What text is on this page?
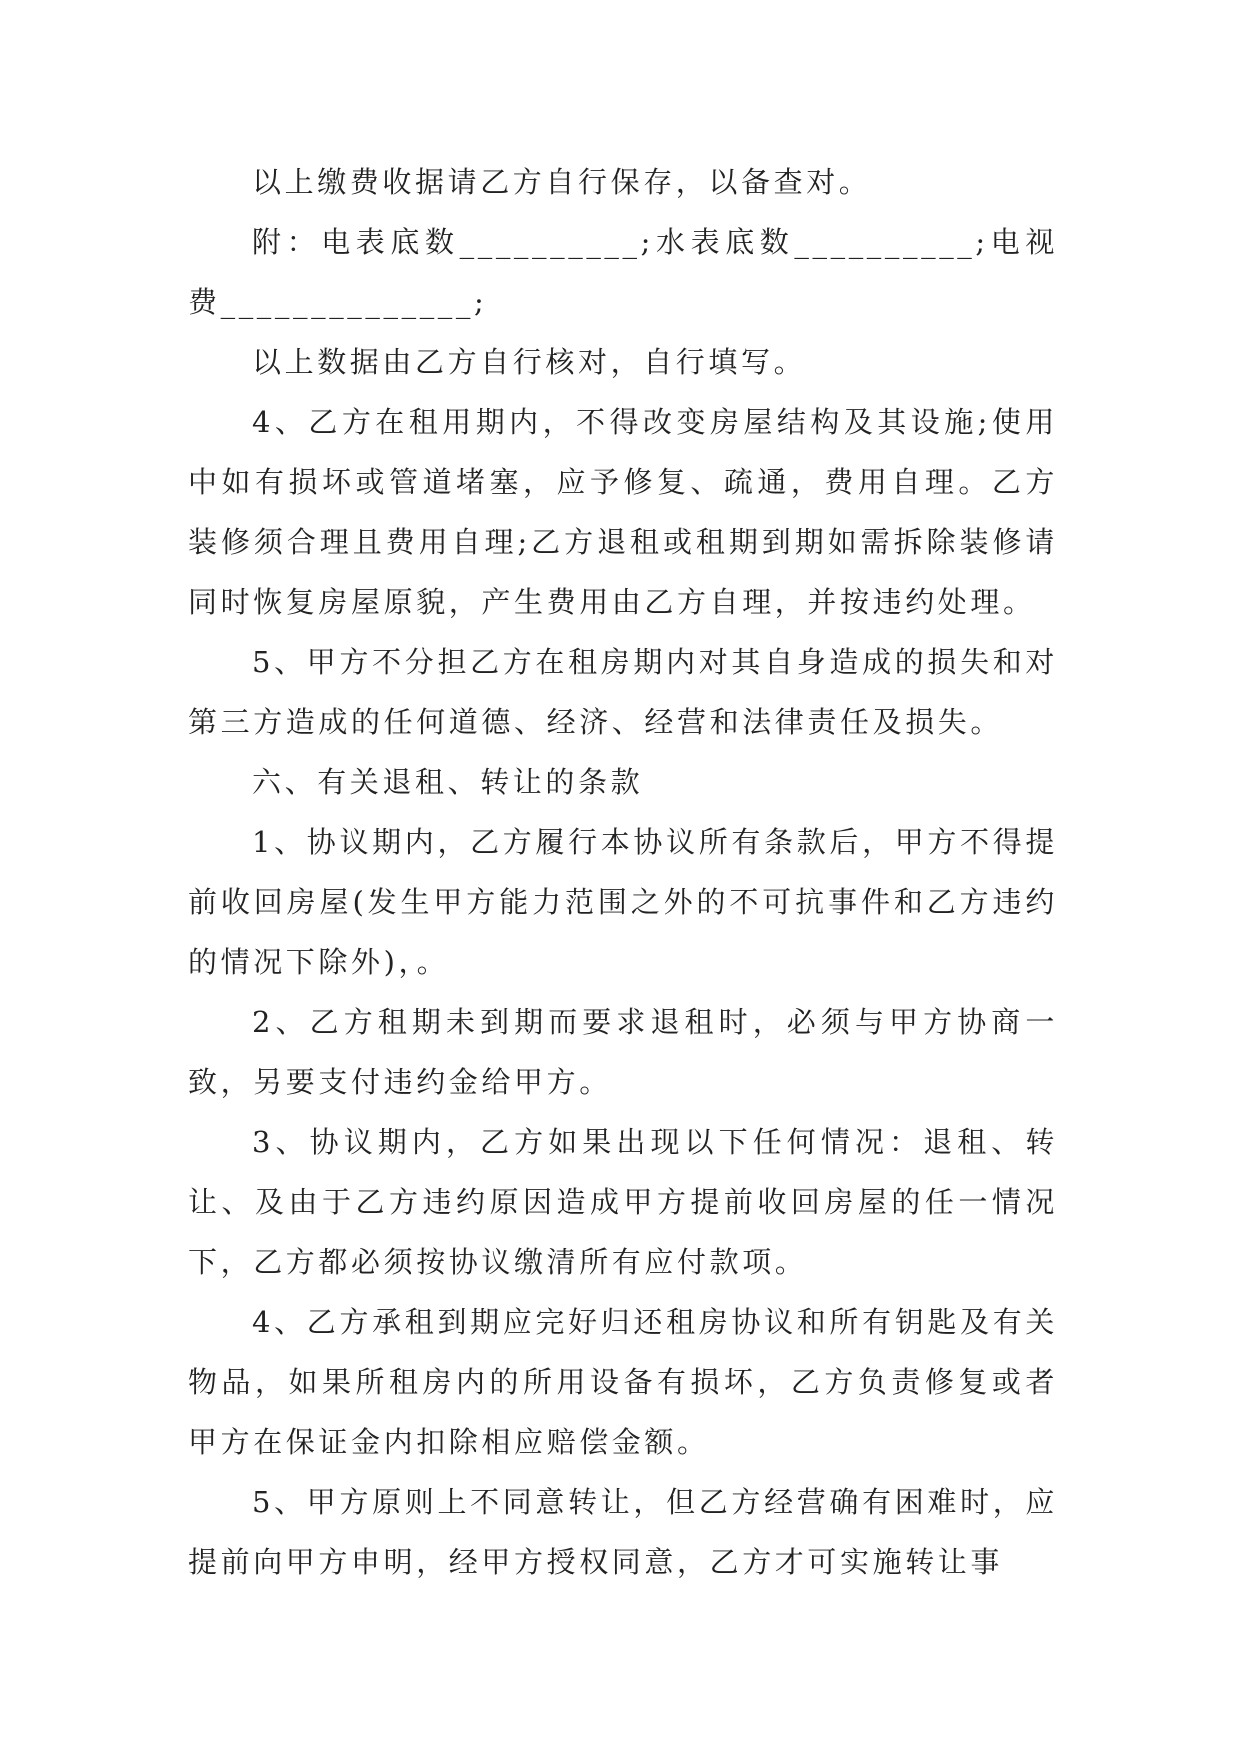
以上缴费收据请乙方自行保存，以备查对。

附：电表底数__________;水表底数__________;电视费______________;

以上数据由乙方自行核对，自行填写。

4、乙方在租用期内，不得改变房屋结构及其设施;使用中如有损坏或管道堵塞，应予修复、疏通，费用自理。乙方装修须合理且费用自理;乙方退租或租期到期如需拆除装修请同时恢复房屋原貌，产生费用由乙方自理，并按违约处理。

5、甲方不分担乙方在租房期内对其自身造成的损失和对第三方造成的任何道德、经济、经营和法律责任及损失。

六、有关退租、转让的条款

1、协议期内，乙方履行本协议所有条款后，甲方不得提前收回房屋(发生甲方能力范围之外的不可抗事件和乙方违约的情况下除外)，。

2、乙方租期未到期而要求退租时，必须与甲方协商一致，另要支付违约金给甲方。

3、协议期内，乙方如果出现以下任何情况：退租、转让、及由于乙方违约原因造成甲方提前收回房屋的任一情况下，乙方都必须按协议缴清所有应付款项。

4、乙方承租到期应完好归还租房协议和所有钥匙及有关物品，如果所租房内的所用设备有损坏，乙方负责修复或者甲方在保证金内扣除相应赔偿金额。

5、甲方原则上不同意转让，但乙方经营确有困难时，应提前向甲方申明，经甲方授权同意，乙方才可实施转让事
